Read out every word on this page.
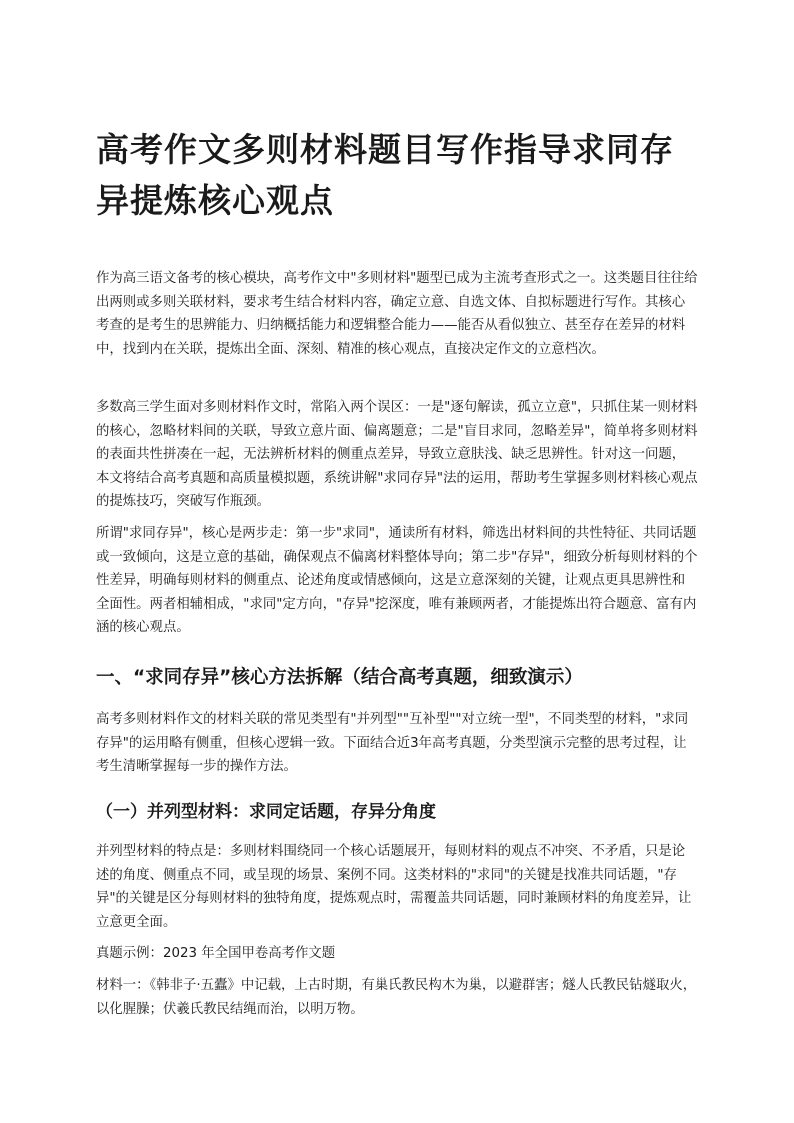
高考作文多则材料题目写作指导求同存异提炼核心观点

作为高三语文备考的核心模块，高考作文中"多则材料"题型已成为主流考查形式之一。这类题目往往给出两则或多则关联材料，要求考生结合材料内容，确定立意、自选文体、自拟标题进行写作。其核心考查的是考生的思辨能力、归纳概括能力和逻辑整合能力——能否从看似独立、甚至存在差异的材料中，找到内在关联，提炼出全面、深刻、精准的核心观点，直接决定作文的立意档次。

多数高三学生面对多则材料作文时，常陷入两个误区：一是"逐句解读，孤立立意"，只抓住某一则材料的核心，忽略材料间的关联，导致立意片面、偏离题意；二是"盲目求同，忽略差异"，简单将多则材料的表面共性拼凑在一起，无法辨析材料的侧重点差异，导致立意肤浅、缺乏思辨性。针对这一问题，本文将结合高考真题和高质量模拟题，系统讲解"求同存异"法的运用，帮助考生掌握多则材料核心观点的提炼技巧，突破写作瓶颈。

所谓"求同存异"，核心是两步走：第一步"求同"，通读所有材料，筛选出材料间的共性特征、共同话题或一致倾向，这是立意的基础，确保观点不偏离材料整体导向；第二步"存异"，细致分析每则材料的个性差异，明确每则材料的侧重点、论述角度或情感倾向，这是立意深刻的关键，让观点更具思辨性和全面性。两者相辅相成，"求同"定方向，"存异"挖深度，唯有兼顾两者，才能提炼出符合题意、富有内涵的核心观点。

一、“求同存异”核心方法拆解（结合高考真题，细致演示）

高考多则材料作文的材料关联的常见类型有"并列型""互补型""对立统一型"，不同类型的材料，"求同存异"的运用略有侧重，但核心逻辑一致。下面结合近3年高考真题，分类型演示完整的思考过程，让考生清晰掌握每一步的操作方法。

（一）并列型材料：求同定话题，存异分角度

并列型材料的特点是：多则材料围绕同一个核心话题展开，每则材料的观点不冲突、不矛盾，只是论述的角度、侧重点不同，或呈现的场景、案例不同。这类材料的"求同"的关键是找准共同话题，"存异"的关键是区分每则材料的独特角度，提炼观点时，需覆盖共同话题，同时兼顾材料的角度差异，让立意更全面。

真题示例：2023 年全国甲卷高考作文题

材料一：《韩非子·五蠹》中记载，上古时期，有巢氏教民构木为巢，以避群害；燧人氏教民钻燧取火，以化腥臊；伏羲氏教民结绳而治，以明万物。
